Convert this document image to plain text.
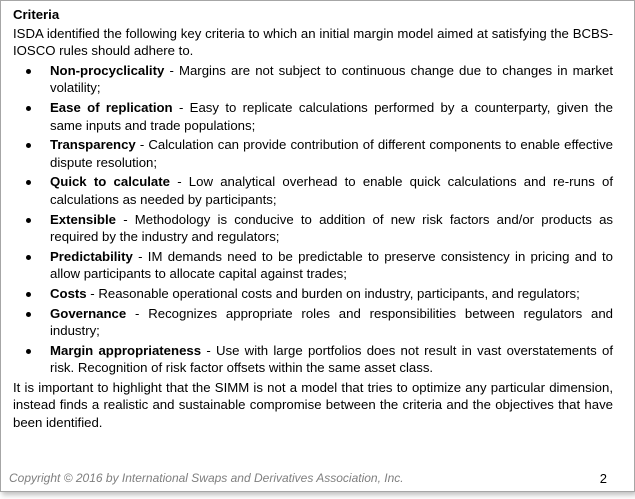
Criteria

ISDA identified the following key criteria to which an initial margin model aimed at satisfying the BCBS-IOSCO rules should adhere to.

Non-procyclicality - Margins are not subject to continuous change due to changes in market volatility;
Ease of replication - Easy to replicate calculations performed by a counterparty, given the same inputs and trade populations;
Transparency - Calculation can provide contribution of different components to enable effective dispute resolution;
Quick to calculate - Low analytical overhead to enable quick calculations and re-runs of calculations as needed by participants;
Extensible - Methodology is conducive to addition of new risk factors and/or products as required by the industry and regulators;
Predictability - IM demands need to be predictable to preserve consistency in pricing and to allow participants to allocate capital against trades;
Costs - Reasonable operational costs and burden on industry, participants, and regulators;
Governance - Recognizes appropriate roles and responsibilities between regulators and industry;
Margin appropriateness - Use with large portfolios does not result in vast overstatements of risk. Recognition of risk factor offsets within the same asset class.

It is important to highlight that the SIMM is not a model that tries to optimize any particular dimension, instead finds a realistic and sustainable compromise between the criteria and the objectives that have been identified.

Copyright © 2016 by International Swaps and Derivatives Association, Inc.	2
